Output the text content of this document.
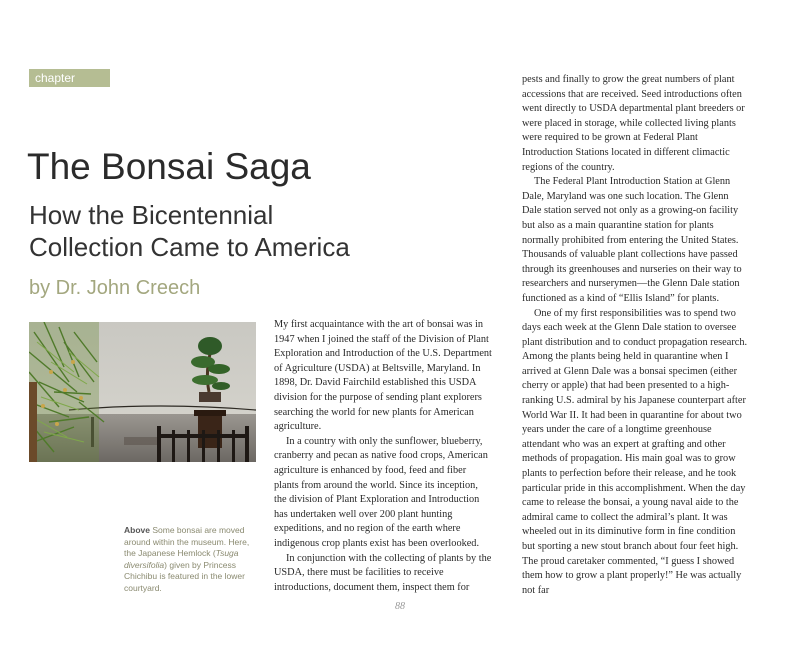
chapter seven
The Bonsai Saga
How the Bicentennial
Collection Came to America
by Dr. John Creech
Above Some bonsai are moved around within the museum. Here, the Japanese Hemlock (Tsuga diversifolia) given by Princess Chichibu is featured in the lower courtyard.

My first acquaintance with the art of bonsai was in 1947 when I joined the staff of the Division of Plant Exploration and Introduction of the U.S. Department of Agriculture (USDA) at Beltsville, Maryland. In 1898, Dr. David Fairchild established this USDA division for the purpose of sending plant explorers searching the world for new plants for American agriculture.

In a country with only the sunflower, blueberry, cranberry and pecan as native food crops, American agriculture is enhanced by food, feed and fiber plants from around the world. Since its inception, the division of Plant Exploration and Introduction has undertaken well over 200 plant hunting expeditions, and no region of the earth where indigenous crop plants exist has been overlooked.

In conjunction with the collecting of plants by the USDA, there must be facilities to receive introductions, document them, inspect them for

pests and finally to grow the great numbers of plant accessions that are received. Seed introductions often went directly to USDA departmental plant breeders or were placed in storage, while collected living plants were required to be grown at Federal Plant Introduction Stations located in different climactic regions of the country.

The Federal Plant Introduction Station at Glenn Dale, Maryland was one such location. The Glenn Dale station served not only as a growing-on facility but also as a main quarantine station for plants normally prohibited from entering the United States. Thousands of valuable plant collections have passed through its greenhouses and nurseries on their way to researchers and nurserymen—the Glenn Dale station functioned as a kind of “Ellis Island” for plants.

One of my first responsibilities was to spend two days each week at the Glenn Dale station to oversee plant distribution and to conduct propagation research. Among the plants being held in quarantine when I arrived at Glenn Dale was a bonsai specimen (either cherry or apple) that had been presented to a high-ranking U.S. admiral by his Japanese counterpart after World War II. It had been in quarantine for about two years under the care of a longtime greenhouse attendant who was an expert at grafting and other methods of propagation. His main goal was to grow plants to perfection before their release, and he took particular pride in this accomplishment. When the day came to release the bonsai, a young naval aide to the admiral came to collect the admiral’s plant. It was wheeled out in its diminutive form in fine condition but sporting a new stout branch about four feet high. The proud caretaker commented, “I guess I showed them how to grow a plant properly!” He was actually not far

88
